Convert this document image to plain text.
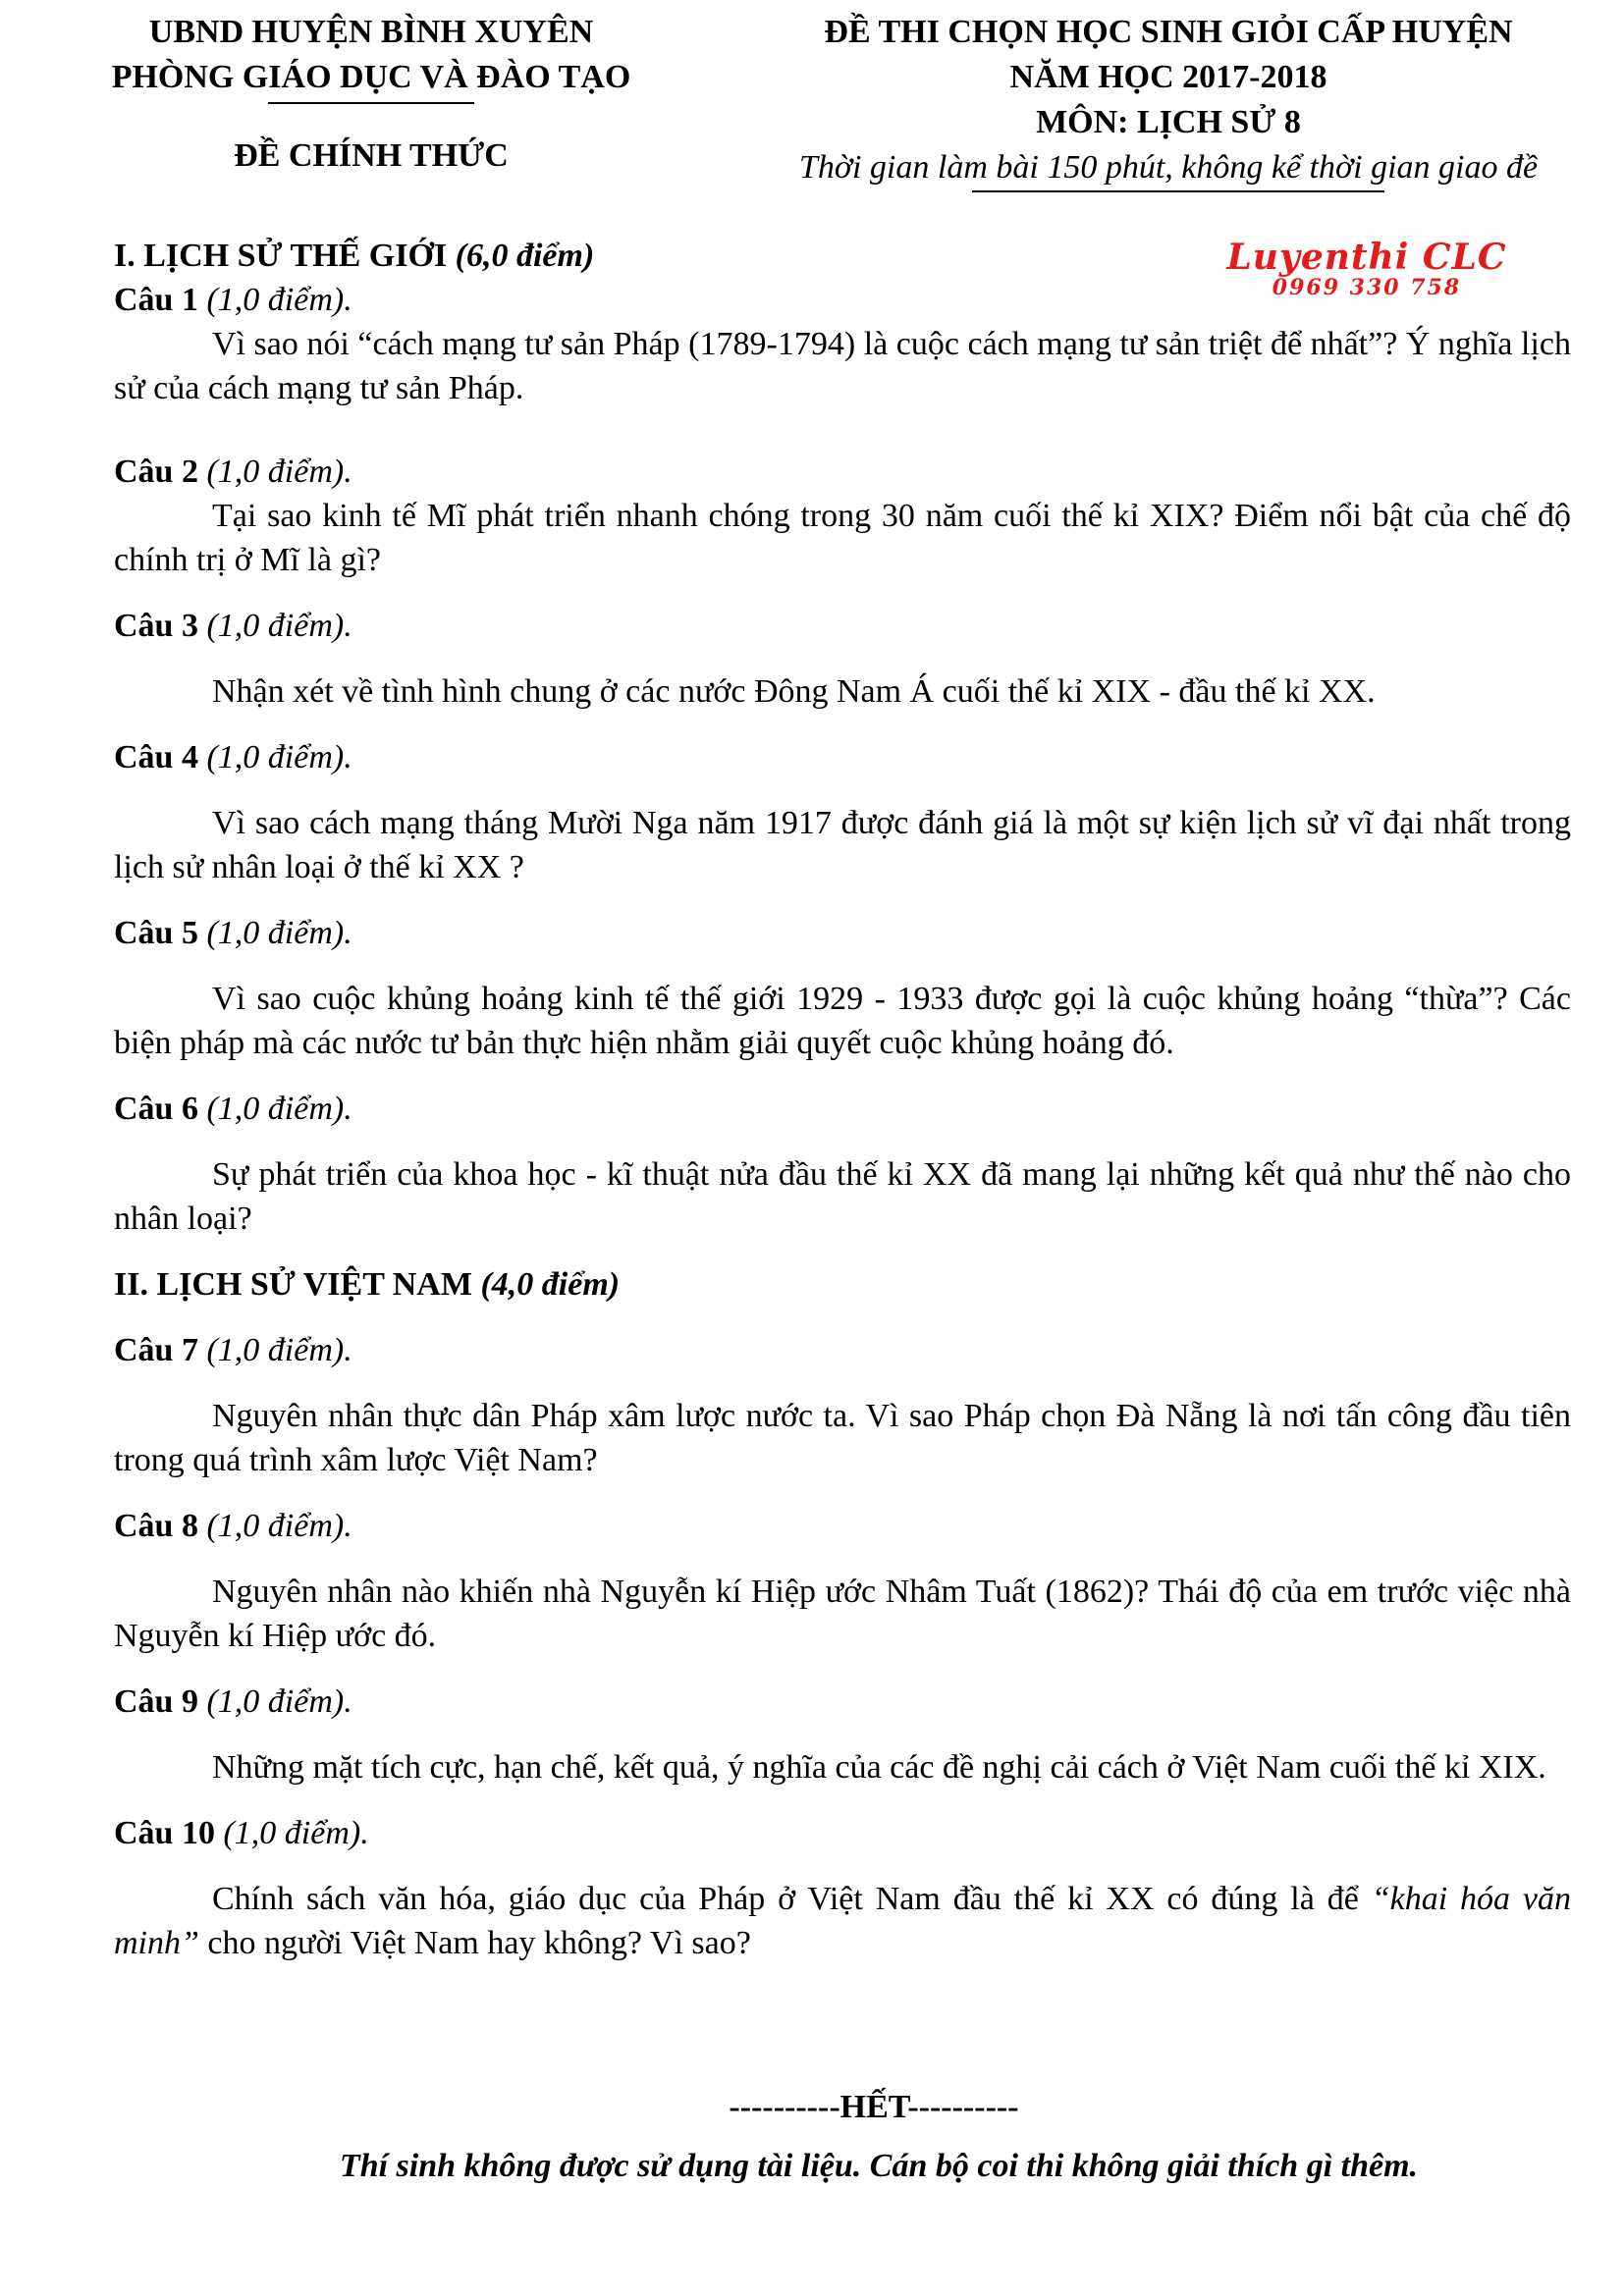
UBND HUYỆN BÌNH XUYÊN
PHÒNG GIÁO DỤC VÀ ĐÀO TẠO
ĐỀ CHÍNH THỨC
ĐỀ THI CHỌN HỌC SINH GIỎI CẤP HUYỆN
NĂM HỌC 2017-2018
MÔN: LỊCH SỬ 8
Thời gian làm bài 150 phút, không kể thời gian giao đề
Luyenthi CLC
0969 330 758

I. LỊCH SỬ THẾ GIỚI (6,0 điểm)

Câu 1 (1,0 điểm).

Vì sao nói “cách mạng tư sản Pháp (1789-1794) là cuộc cách mạng tư sản triệt để nhất”? Ý nghĩa lịch sử của cách mạng tư sản Pháp.

Câu 2 (1,0 điểm).

Tại sao kinh tế Mĩ phát triển nhanh chóng trong 30 năm cuối thế kỉ XIX? Điểm nổi bật của chế độ chính trị ở Mĩ là gì?

Câu 3 (1,0 điểm).

Nhận xét về tình hình chung ở các nước Đông Nam Á cuối thế kỉ XIX - đầu thế kỉ XX.

Câu 4 (1,0 điểm).

Vì sao cách mạng tháng Mười Nga năm 1917 được đánh giá là một sự kiện lịch sử vĩ đại nhất trong lịch sử nhân loại ở thế kỉ XX ?

Câu 5 (1,0 điểm).

Vì sao cuộc khủng hoảng kinh tế thế giới 1929 - 1933 được gọi là cuộc khủng hoảng “thừa”? Các biện pháp mà các nước tư bản thực hiện nhằm giải quyết cuộc khủng hoảng đó.

Câu 6 (1,0 điểm).

Sự phát triển của khoa học - kĩ thuật nửa đầu thế kỉ XX đã mang lại những kết quả như thế nào cho nhân loại?

II. LỊCH SỬ VIỆT NAM (4,0 điểm)

Câu 7 (1,0 điểm).

Nguyên nhân thực dân Pháp xâm lược nước ta. Vì sao Pháp chọn Đà Nẵng là nơi tấn công đầu tiên trong quá trình xâm lược Việt Nam?

Câu 8 (1,0 điểm).

Nguyên nhân nào khiến nhà Nguyễn kí Hiệp ước Nhâm Tuất (1862)? Thái độ của em trước việc nhà Nguyễn kí Hiệp ước đó.

Câu 9 (1,0 điểm).

Những mặt tích cực, hạn chế, kết quả, ý nghĩa của các đề nghị cải cách ở Việt Nam cuối thế kỉ XIX.

Câu 10 (1,0 điểm).

Chính sách văn hóa, giáo dục của Pháp ở Việt Nam đầu thế kỉ XX có đúng là để “khai hóa văn minh” cho người Việt Nam hay không? Vì sao?

----------HẾT----------
Thí sinh không được sử dụng tài liệu. Cán bộ coi thi không giải thích gì thêm.
